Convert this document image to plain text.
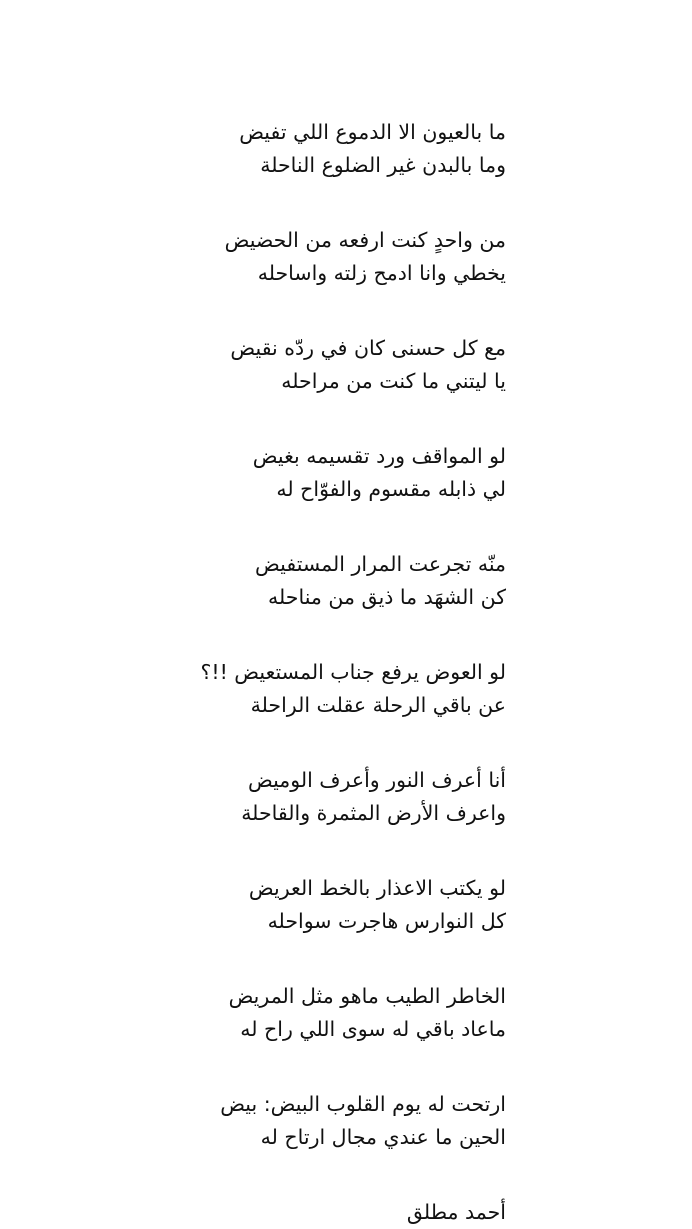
ما بالعيون الا الدموع اللي تفيض
وما بالبدن غير الضلوع الناحلة
من واحدٍ كنت ارفعه من الحضيض
يخطي وانا ادمح زلته واساحله
مع كل حسنى كان في ردّه نقيض
يا ليتني ما كنت من مراحله
لو المواقف ورد تقسيمه بغيض
لي ذابله مقسوم والفوّاح له
منّه تجرعت المرار المستفيض
كن الشهَد ما ذيق من مناحله
لو العوض يرفع جناب المستعيض !!؟
عن باقي الرحلة عقلت الراحلة
أنا أعرف النور وأعرف الوميض
واعرف الأرض المثمرة والقاحلة
لو يكتب الاعذار بالخط العريض
كل النوارس هاجرت سواحله
الخاطر الطيب ماهو مثل المريض
ماعاد باقي له سوى اللي راح له
ارتحت له يوم القلوب البيض: بيض
الحين ما عندي مجال ارتاح له
أحمد مطلق
